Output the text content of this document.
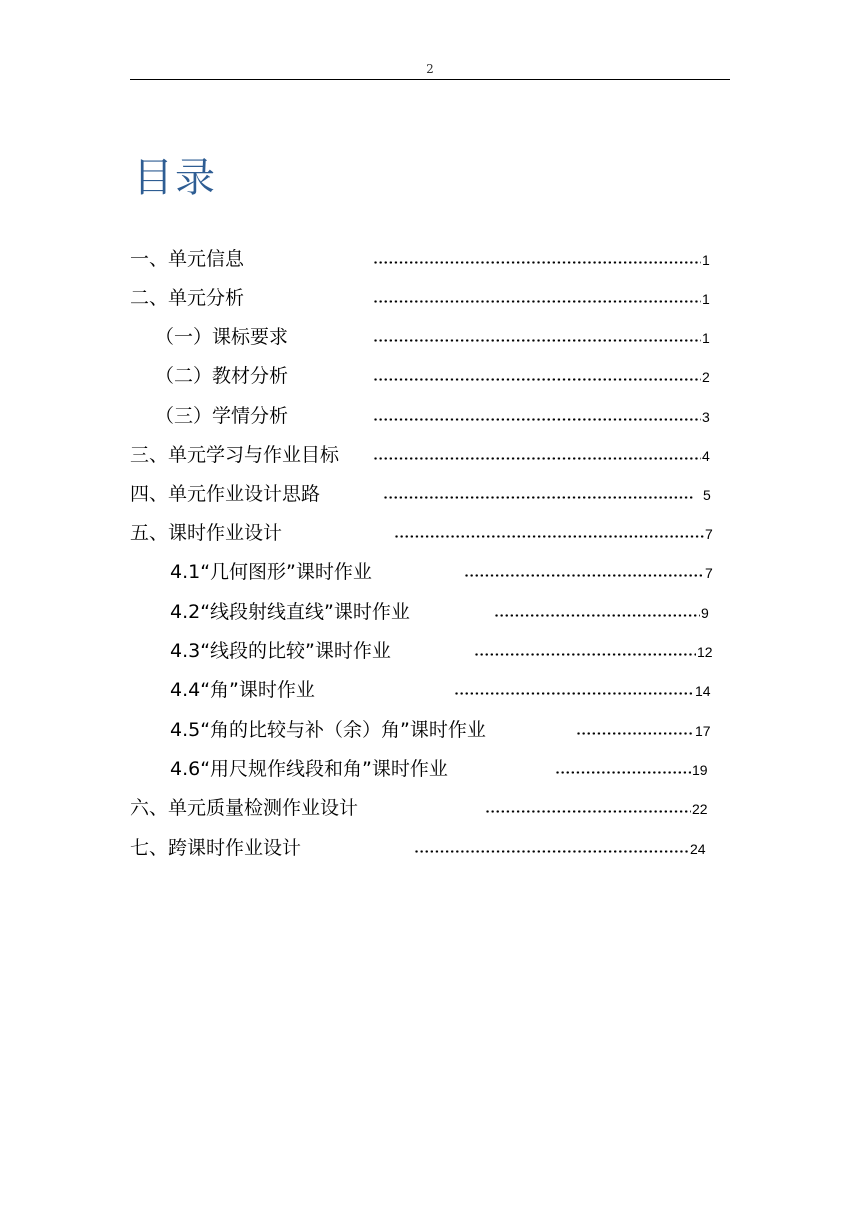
2
目录
一、单元信息	1
二、单元分析	1
（一）课标要求	1
（二）教材分析	2
（三）学情分析	3
三、单元学习与作业目标	4
四、单元作业设计思路	5
五、课时作业设计	7
4.1“几何图形”课时作业	7
4.2“线段射线直线”课时作业	9
4.3“线段的比较”课时作业	12
4.4“角”课时作业	14
4.5“角的比较与补（余）角”课时作业	17
4.6“用尺规作线段和角”课时作业	19
六、单元质量检测作业设计	22
七、跨课时作业设计	24
